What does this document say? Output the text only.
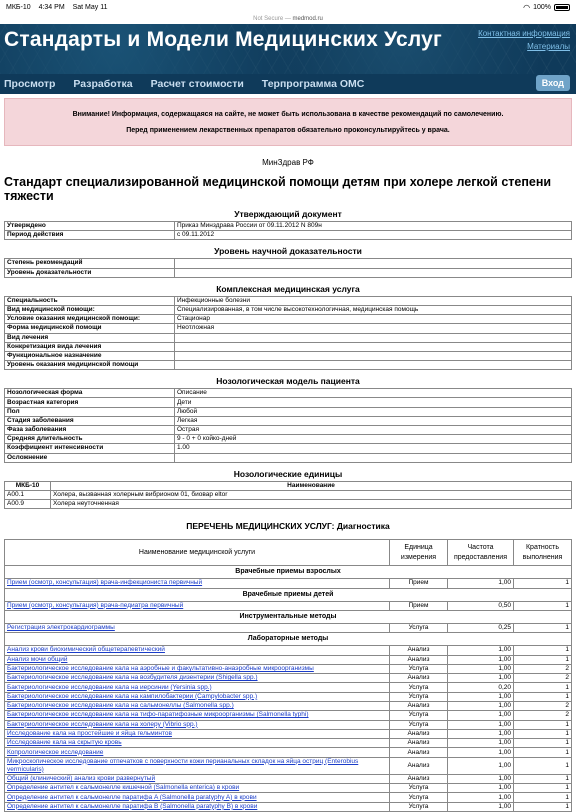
МКБ-10 4:34 PM Sat May 11	◠ 100%
Not Secure — medmod.ru
Стандарты и Модели Медицинских Услуг	Контактная информация
Материалы
Просмотр Разработка Расчет стоимости Терпрограмма ОМС	Вход
Внимание! Информация, содержащаяся на сайте, не может быть использована в качестве рекомендаций по самолечению.
Перед применением лекарственных препаратов обязательно проконсультируйтесь у врача.
МинЗдрав РФ
Стандарт специализированной медицинской помощи детям при холере легкой степени тяжести
Утверждающий документ
Утверждено	Приказ Минздрава России от 09.11.2012 N 809н
Период действия	с 09.11.2012
Уровень научной доказательности
Степень рекомендаций	
Уровень доказательности	
Комплексная медицинская услуга
Специальность	Инфекционные болезни
Вид медицинской помощи:	Специализированная, в том числе высокотехнологичная, медицинская помощь
Условие оказания медицинской помощи:	Стационар
Форма медицинской помощи	Неотложная
Вид лечения	
Конкретизация вида лечения	
Функциональное назначение	
Уровень оказания медицинской помощи	
Нозологическая модель пациента
Нозологическая форма	Описание
Возрастная категория	Дети
Пол	Любой
Стадия заболевания	Легкая
Фаза заболевания	Острая
Средняя длительность	9 - 0 + 0 койко-дней
Коэффициент интенсивности	1.00
Осложнение	
Нозологические единицы
МКБ-10	Наименование
A00.1	Холера, вызванная холерным вибрионом 01, биовар eltor
A00.9	Холера неуточненная
ПЕРЕЧЕНЬ МЕДИЦИНСКИХ УСЛУГ: Диагностика
Наименование медицинской услуги	Единица измерения	Частота предоставления	Кратность выполнения
Врачебные приемы взрослых			
Прием (осмотр, консультация) врача-инфекциониста первичный	Прием	1,00	1
Врачебные приемы детей			
Прием (осмотр, консультация) врача-педиатра первичный	Прием	0,50	1
Инструментальные методы			
Регистрация электрокардиограммы	Услуга	0,25	1
Лабораторные методы			
Анализ крови биохимический общетерапевтический	Анализ	1,00	1
Анализ мочи общий	Анализ	1,00	1
Бактериологическое исследование кала на аэробные и факультативно-анаэробные микроорганизмы	Услуга	1,00	2
Бактериологическое исследование кала на возбудителя дизентерии (Shigella spp.)	Анализ	1,00	2
Бактериологическое исследование кала на иерсинии (Yersinia spp.)	Услуга	0,20	1
Бактериологическое исследование кала на кампилобактерии (Campylobacter spp.)	Услуга	1,00	1
Бактериологическое исследование кала на сальмонеллы (Salmonella spp.)	Анализ	1,00	2
Бактериологическое исследование кала на тифо-паратифозные микроорганизмы (Salmonella typhi)	Услуга	1,00	2
Бактериологическое исследование кала на холеру (Vibrio spp.)	Услуга	1,00	1
Исследование кала на простейшие и яйца гельминтов	Анализ	1,00	1
Исследование кала на скрытую кровь	Анализ	1,00	1
Копрологическое исследование	Анализ	1,00	1
Микроскопическое исследование отпечатков с поверхности кожи перианальных складок на яйца остриц (Enterobius vermicularis)	Анализ	1,00	1
Общий (клинический) анализ крови развернутый	Анализ	1,00	1
Определение антител к сальмонелле кишечной (Salmonella enterica) в крови	Услуга	1,00	1
Определение антител к сальмонелле паратифа A (Salmonella paratyphy A) в крови	Услуга	1,00	1
Определение антител к сальмонелле паратифа B (Salmonella paratyphy B) в крови	Услуга	1,00	1
